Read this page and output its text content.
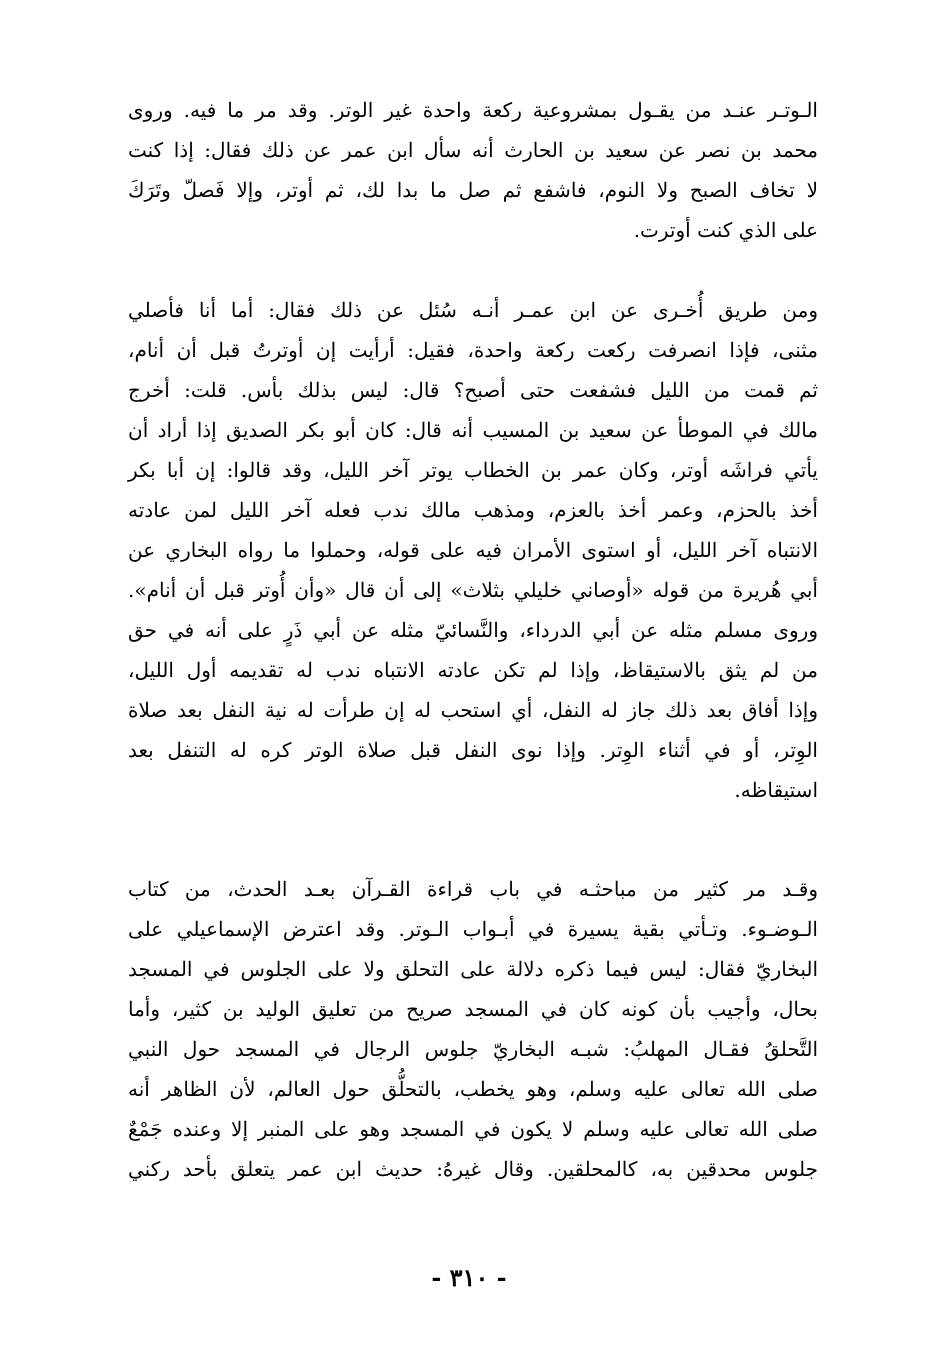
الـوتـر عنـد من يقـول بمشروعية ركعة واحدة غير الوتر. وقد مر ما فيه. وروى
محمد بن نصر عن سعيد بن الحارث أنه سأل ابن عمر عن ذلك فقال: إذا كنت
لا تخاف الصبح ولا النوم، فاشفع ثم صل ما بدا لك، ثم أوتر، وإلا فَصلّ وتَرَكَ
على الذي كنت أوترت.
ومن طريق أُخـرى عن ابن عمـر أنـه سُئل عن ذلك فقال: أما أنا فأصلي
مثنى، فإذا انصرفت ركعت ركعة واحدة، فقيل: أرأيت إن أوترتُ قبل أن أنام،
ثم قمت من الليل فشفعت حتى أصبح؟ قال: ليس بذلك بأس. قلت: أخرج
مالك في الموطأ عن سعيد بن المسيب أنه قال: كان أبو بكر الصديق إذا أراد أن
يأتي فراشَه أوتر، وكان عمر بن الخطاب يوتر آخر الليل، وقد قالوا: إن أبا بكر
أخذ بالحزم، وعمر أخذ بالعزم، ومذهب مالك ندب فعله آخر الليل لمن عادته
الانتباه آخر الليل، أو استوى الأمران فيه على قوله، وحملوا ما رواه البخاري عن
أبي هُريرة من قوله «أوصاني خليلي بثلاث» إلى أن قال «وأن أُوتر قبل أن أنام».
وروى مسلم مثله عن أبي الدرداء، والنَّسائيّ مثله عن أبي ذَرٍ على أنه في حق
من لم يثق بالاستيقاظ، وإذا لم تكن عادته الانتباه ندب له تقديمه أول الليل،
وإذا أفاق بعد ذلك جاز له النفل، أي استحب له إن طرأت له نية النفل بعد صلاة
الوِتر، أو في أثناء الوِتر. وإذا نوى النفل قبل صلاة الوتر كره له التنفل بعد
استيقاظه.
وقـد مر كثير من مباحثـه في باب قراءة القـرآن بعـد الحدث، من كتاب
الـوضـوء. وتـأتي بقية يسيرة في أبـواب الـوتر. وقد اعترض الإسماعيلي على
البخاريّ فقال: ليس فيما ذكره دلالة على التحلق ولا على الجلوس في المسجد
بحال، وأجيب بأن كونه كان في المسجد صريح من تعليق الوليد بن كثير، وأما
التَّحلقُ فقـال المهلبُ: شبـه البخاريّ جلوس الرجال في المسجد حول النبي
صلى الله تعالى عليه وسلم، وهو يخطب، بالتحلُّق حول العالم، لأن الظاهر أنه
صلى الله تعالى عليه وسلم لا يكون في المسجد وهو على المنبر إلا وعنده جَمْعٌ
جلوس محدقين به، كالمحلقين. وقال غيرهُ: حديث ابن عمر يتعلق بأحد ركني
- ٣١٠ -
